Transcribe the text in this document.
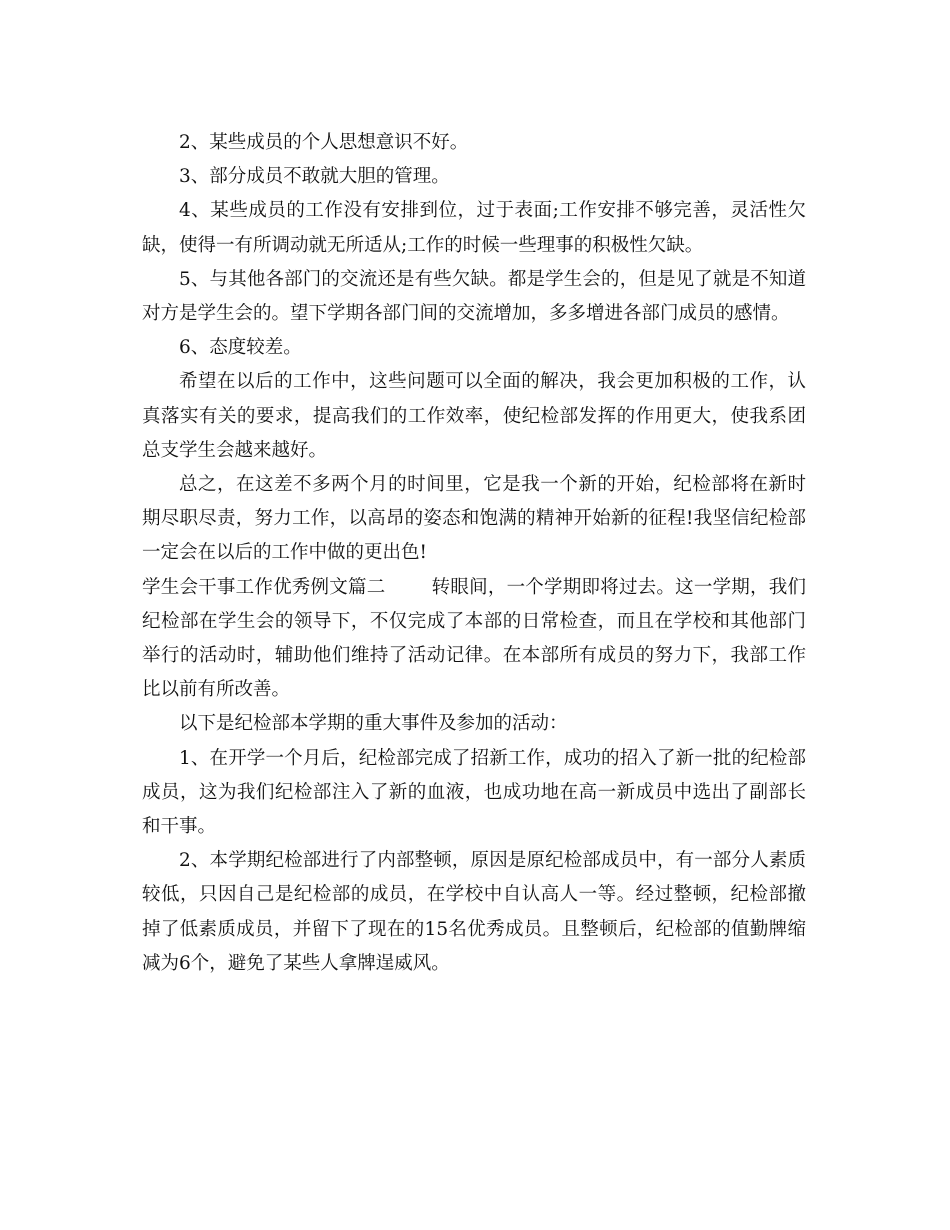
2、某些成员的个人思想意识不好。

3、部分成员不敢就大胆的管理。

4、某些成员的工作没有安排到位，过于表面;工作安排不够完善，灵活性欠缺，使得一有所调动就无所适从;工作的时候一些理事的积极性欠缺。

5、与其他各部门的交流还是有些欠缺。都是学生会的，但是见了就是不知道对方是学生会的。望下学期各部门间的交流增加，多多增进各部门成员的感情。

6、态度较差。

希望在以后的工作中，这些问题可以全面的解决，我会更加积极的工作，认真落实有关的要求，提高我们的工作效率，使纪检部发挥的作用更大，使我系团总支学生会越来越好。

总之，在这差不多两个月的时间里，它是我一个新的开始，纪检部将在新时期尽职尽责，努力工作，以高昂的姿态和饱满的精神开始新的征程!我坚信纪检部一定会在以后的工作中做的更出色!

学生会干事工作优秀例文篇二 转眼间，一个学期即将过去。这一学期，我们纪检部在学生会的领导下，不仅完成了本部的日常检查，而且在学校和其他部门举行的活动时，辅助他们维持了活动记律。在本部所有成员的努力下，我部工作比以前有所改善。

以下是纪检部本学期的重大事件及参加的活动：

1、在开学一个月后，纪检部完成了招新工作，成功的招入了新一批的纪检部成员，这为我们纪检部注入了新的血液，也成功地在高一新成员中选出了副部长和干事。

2、本学期纪检部进行了内部整顿，原因是原纪检部成员中，有一部分人素质较低，只因自己是纪检部的成员，在学校中自认高人一等。经过整顿，纪检部撤掉了低素质成员，并留下了现在的15名优秀成员。且整顿后，纪检部的值勤牌缩减为6个，避免了某些人拿牌逞威风。
